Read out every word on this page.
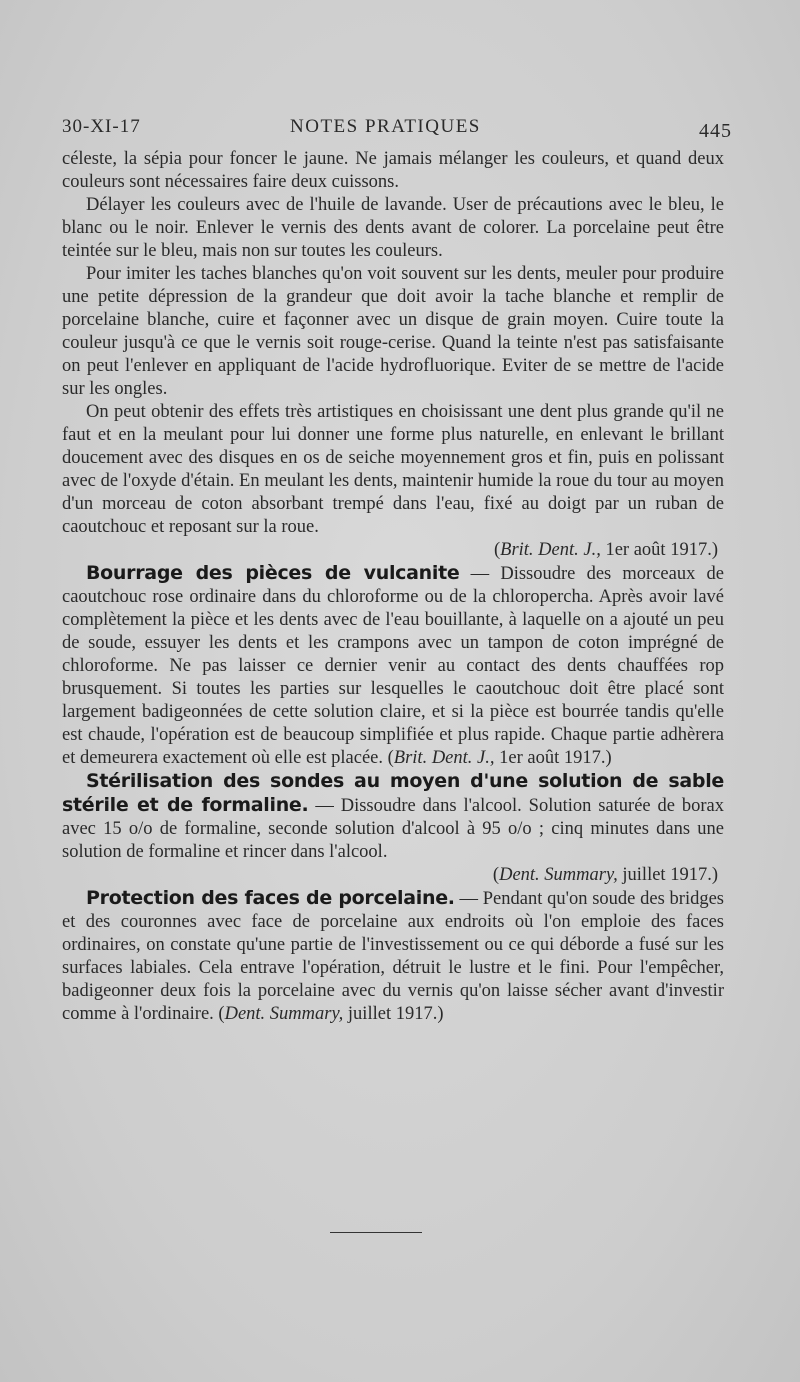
30-XI-17	NOTES PRATIQUES	445

céleste, la sépia pour foncer le jaune. Ne jamais mélanger les couleurs, et quand deux couleurs sont nécessaires faire deux cuissons.

Délayer les couleurs avec de l'huile de lavande. User de précautions avec le bleu, le blanc ou le noir. Enlever le vernis des dents avant de colorer. La porcelaine peut être teintée sur le bleu, mais non sur toutes les couleurs.

Pour imiter les taches blanches qu'on voit souvent sur les dents, meuler pour produire une petite dépression de la grandeur que doit avoir la tache blanche et remplir de porcelaine blanche, cuire et façonner avec un disque de grain moyen. Cuire toute la couleur jusqu'à ce que le vernis soit rouge-cerise. Quand la teinte n'est pas satisfaisante on peut l'enlever en appliquant de l'acide hydrofluorique. Eviter de se mettre de l'acide sur les ongles.

On peut obtenir des effets très artistiques en choisissant une dent plus grande qu'il ne faut et en la meulant pour lui donner une forme plus naturelle, en enlevant le brillant doucement avec des disques en os de seiche moyennement gros et fin, puis en polissant avec de l'oxyde d'étain. En meulant les dents, maintenir humide la roue du tour au moyen d'un morceau de coton absorbant trempé dans l'eau, fixé au doigt par un ruban de caoutchouc et reposant sur la roue.

(Brit. Dent. J., 1er août 1917.)

Bourrage des pièces de vulcanite — Dissoudre des morceaux de caoutchouc rose ordinaire dans du chloroforme ou de la chloropercha. Après avoir lavé complètement la pièce et les dents avec de l'eau bouillante, à laquelle on a ajouté un peu de soude, essuyer les dents et les crampons avec un tampon de coton imprégné de chloroforme. Ne pas laisser ce dernier venir au contact des dents chauffées rop brusquement. Si toutes les parties sur lesquelles le caoutchouc doit être placé sont largement badigeonnées de cette solution claire, et si la pièce est bourrée tandis qu'elle est chaude, l'opération est de beaucoup simplifiée et plus rapide. Chaque partie adhèrera et demeurera exactement où elle est placée. (Brit. Dent. J., 1er août 1917.)

Stérilisation des sondes au moyen d'une solution de sable stérile et de formaline. — Dissoudre dans l'alcool. Solution saturée de borax avec 15 o/o de formaline, seconde solution d'alcool à 95 o/o ; cinq minutes dans une solution de formaline et rincer dans l'alcool.

(Dent. Summary, juillet 1917.)

Protection des faces de porcelaine. — Pendant qu'on soude des bridges et des couronnes avec face de porcelaine aux endroits où l'on emploie des faces ordinaires, on constate qu'une partie de l'investissement ou ce qui déborde a fusé sur les surfaces labiales. Cela entrave l'opération, détruit le lustre et le fini. Pour l'empêcher, badigeonner deux fois la porcelaine avec du vernis qu'on laisse sécher avant d'investir comme à l'ordinaire. (Dent. Summary, juillet 1917.)
